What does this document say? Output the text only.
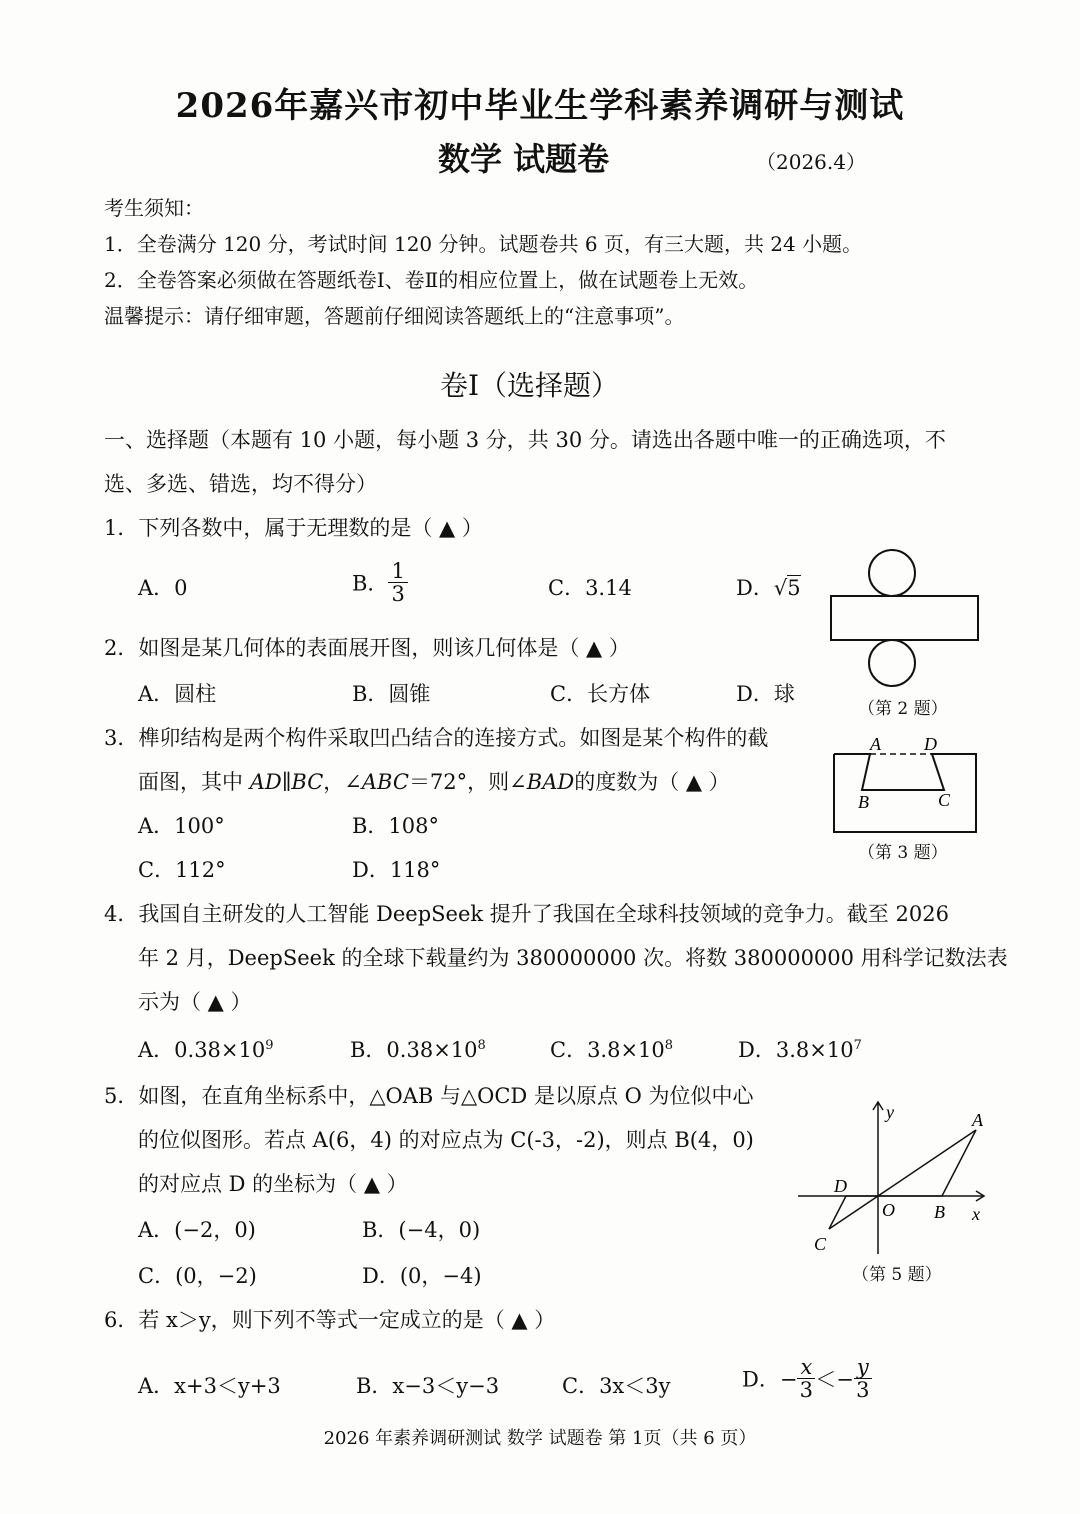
2026年嘉兴市初中毕业生学科素养调研与测试
数学 试题卷	（2026.4）
考生须知：
1．全卷满分 120 分，考试时间 120 分钟。试题卷共 6 页，有三大题，共 24 小题。
2．全卷答案必须做在答题纸卷Ⅰ、卷Ⅱ的相应位置上，做在试题卷上无效。
温馨提示：请仔细审题，答题前仔细阅读答题纸上的“注意事项”。
卷Ⅰ（选择题）
一、选择题（本题有 10 小题，每小题 3 分，共 30 分。请选出各题中唯一的正确选项，不
选、多选、错选，均不得分）
1．下列各数中，属于无理数的是（ ▲ ）
A．0	B． $\frac{1}{3}$	C．3.14	D．√5
（第 2 题）
2．如图是某几何体的表面展开图，则该几何体是（ ▲ ）
A．圆柱	B．圆锥	C．长方体	D．球
3．榫卯结构是两个构件采取凹凸结合的连接方式。如图是某个构件的截
面图，其中 AD∥BC，∠ABC＝72°，则∠BAD的度数为（ ▲ ）
A．100°	B．108°
C．112°	D．118°
A D
B	C
（第 3 题）
4．我国自主研发的人工智能 DeepSeek 提升了我国在全球科技领域的竞争力。截至 2026
年 2 月，DeepSeek 的全球下载量约为 380000000 次。将数 380000000 用科学记数法表
示为（ ▲ ）
A．$0.38\times 10^9$	B．$0.38\times 10^8$	C．$3.8\times 10^8$	D．$3.8\times 10^7$
5．如图，在直角坐标系中，△OAB 与△OCD 是以原点 O 为位似中心
的位似图形。若点 A(6，4) 的对应点为 C(-3，-2)，则点 B(4，0)
的对应点 D 的坐标为（ ▲ ）
A．(−2，0)	B．(−4，0)
C．(0，−2)	D．(0，−4)
y
x
A
O B
D
C
（第 5 题）
6．若 x＞y，则下列不等式一定成立的是（ ▲ ）
A．x+3＜y+3	B．x−3＜y−3	C．3x＜3y	D．− $\frac{x}{3} <- \frac{y}{3}$
2026 年素养调研测试 数学 试题卷 第 1页（共 6 页）
